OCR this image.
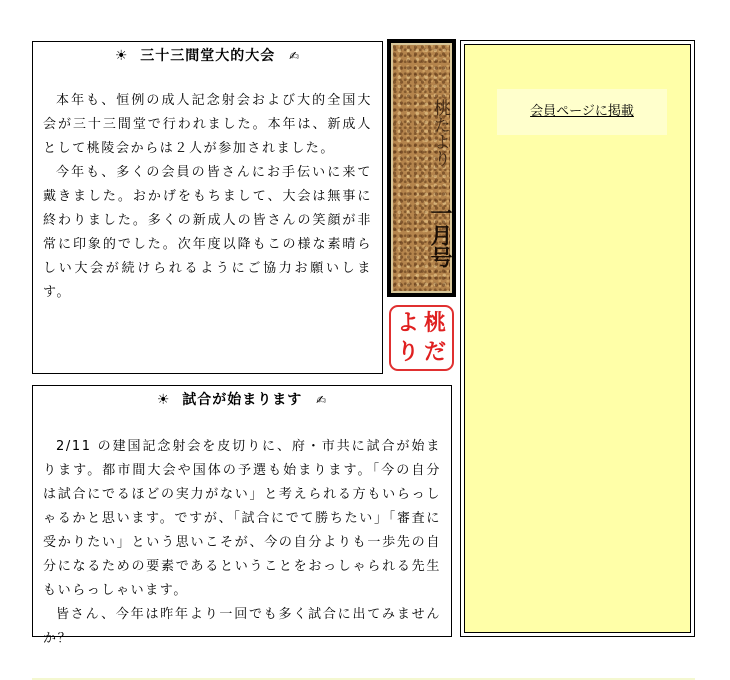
☀ 三十三間堂大的大会 ✍

本年も、恒例の成人記念射会および大的全国大会が三十三間堂で行われました。本年は、新成人として桃陵会からは２人が参加されました。

今年も、多くの会員の皆さんにお手伝いに来て戴きました。おかげをもちまして、大会は無事に終わりました。多くの新成人の皆さんの笑顔が非常に印象的でした。次年度以降もこの様な素晴らしい大会が続けられるようにご協力お願いします。

桃たより
一月号
桃
だ
よ
り
☀ 試合が始まります ✍

2/11 の建国記念射会を皮切りに、府・市共に試合が始まります。都市間大会や国体の予選も始まります。「今の自分は試合にでるほどの実力がない」と考えられる方もいらっしゃるかと思います。ですが、「試合にでて勝ちたい」「審査に受かりたい」という思いこそが、今の自分よりも一歩先の自分になるための要素であるということをおっしゃられる先生もいらっしゃいます。

皆さん、今年は昨年より一回でも多く試合に出てみませんか？

会員ページに掲載
